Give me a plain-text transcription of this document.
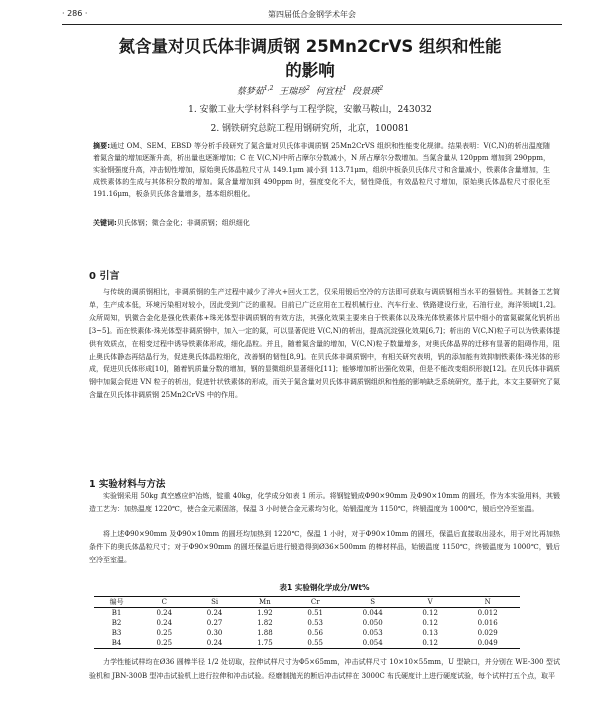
· 286 ·	第四届低合金钢学术年会
氮含量对贝氏体非调质钢 25Mn2CrVS 组织和性能
的影响
蔡梦茹$^{1,2}$ 王瑞珍$^2$ 何宜柱$^1$ 段景瑛$^2$
1. 安徽工业大学材料科学与工程学院，安徽马鞍山，243032
2. 钢铁研究总院工程用钢研究所，北京，100081
摘要:通过 OM、SEM、EBSD 等分析手段研究了氮含量对贝氏体非调质钢 25Mn2CrVS 组织和性能变化规律。结果表明：V(C,N)的析出温度随着氮含量的增加逐渐升高，析出量也逐渐增加；C 在 V(C,N)中所占摩尔分数减小，N 所占摩尔分数增加。当氮含量从 120ppm 增加到 290ppm，实验钢强度升高，冲击韧性增加，原始奥氏体晶粒尺寸从 149.1μm 减小到 113.71μm，组织中板条贝氏体尺寸和含量减小，铁素体含量增加，生成铁素体的生成与其体积分数的增加。氮含量增加到 490ppm 时，强度变化不大，韧性降低，有效晶粒尺寸增加，原始奥氏体晶粒尺寸很化至 191.16μm，板条贝氏体含量增多，基本组织粗化。
关键词:贝氏体钢；微合金化；非调质钢；组织细化
0 引言
与传统的调质钢相比，非调质钢的生产过程中减少了淬火+回火工艺，仅采用锻后空冷的方法即可获取与调质钢相当水平的强韧性。其制备工艺简单，生产成本低，环境污染相对较小，因此受到广泛的重视。目前已广泛应用在工程机械行业、汽车行业、铁路建设行业，石油行业，海洋领域[1,2]。众所周知，钒微合金化是强化铁素体+珠光体型非调质钢的有效方法，其强化效果主要来自于铁素体以及珠光体铁素体片层中细小的富氮碳氮化钒析出[3~5]。而在铁素体-珠光体型非调质钢中，加入一定的氮，可以显著促进 V(C,N)的析出，提高沉淀强化效果[6,7]；析出的 V(C,N)粒子可以为铁素体提供有效质点，在相变过程中诱导铁素体形成，细化晶粒。并且，随着氮含量的增加，V(C,N)粒子数量增多，对奥氏体晶界的迁移有显著的阻碍作用，阻止奥氏体静态再结晶行为，促进奥氏体晶粒细化，改善钢的韧性[8,9]。在贝氏体非调质钢中，有相关研究表明，钒的添加能有效抑制铁素体-珠光体的形成，促进贝氏体形成[10]，随着钒质量分数的增加，钢的显微组织显著细化[11]；能够增加析出强化效果，但是不能改变组织形貌[12]。在贝氏体非调质钢中加氮会促进 VN 粒子的析出，促进针状铁素体的形成，而关于氮含量对贝氏体非调质钢组织和性能的影响缺乏系统研究，基于此，本文主要研究了氮含量在贝氏体非调质钢 25Mn2CrVS 中的作用。
1 实验材料与方法
实验钢采用 50kg 真空感应炉冶炼，锭重 40kg，化学成分如表 1 所示。将钢锭锻成Φ90×90mm 及Φ90×10mm 的圆坯，作为本实验用料，其锻造工艺为：加热温度 1220℃，使合金元素固溶，保温 3 小时使合金元素均匀化，始锻温度为 1150℃，终锻温度为 1000℃，锻后空冷至室温。
将上述Φ90×90mm 及Φ90×10mm 的圆坯均加热到 1220℃，保温 1 小时，对于Φ90×10mm 的圆坯，保温后直接取出浸水，用于对比再加热条件下的奥氏体晶粒尺寸；对于Φ90×90mm 的圆坯保温后进行锻造得到Ø36×500mm 的棒材样品，始锻温度 1150℃，终锻温度为 1000℃，锻后空冷至室温。
表1 实验钢化学成分/Wt%
编号	C	Si	Mn	Cr	S	V	N
B1	0.24	0.24	1.92	0.51	0.044	0.12	0.012
B2	0.24	0.27	1.82	0.53	0.050	0.12	0.016
B3	0.25	0.30	1.88	0.56	0.053	0.13	0.029
B4	0.25	0.24	1.75	0.55	0.054	0.12	0.049
力学性能试样均在Ø36 圆棒半径 1/2 处切取，拉伸试样尺寸为Φ5×65mm，冲击试样尺寸 10×10×55mm，U 型缺口，并分别在 WE-300 型试验机和 JBN-300B 型冲击试验机上进行拉伸和冲击试验。经磨制抛光的断后冲击试样在 3000C 布氏硬度计上进行硬度试验，每个试样打五个点，取平
